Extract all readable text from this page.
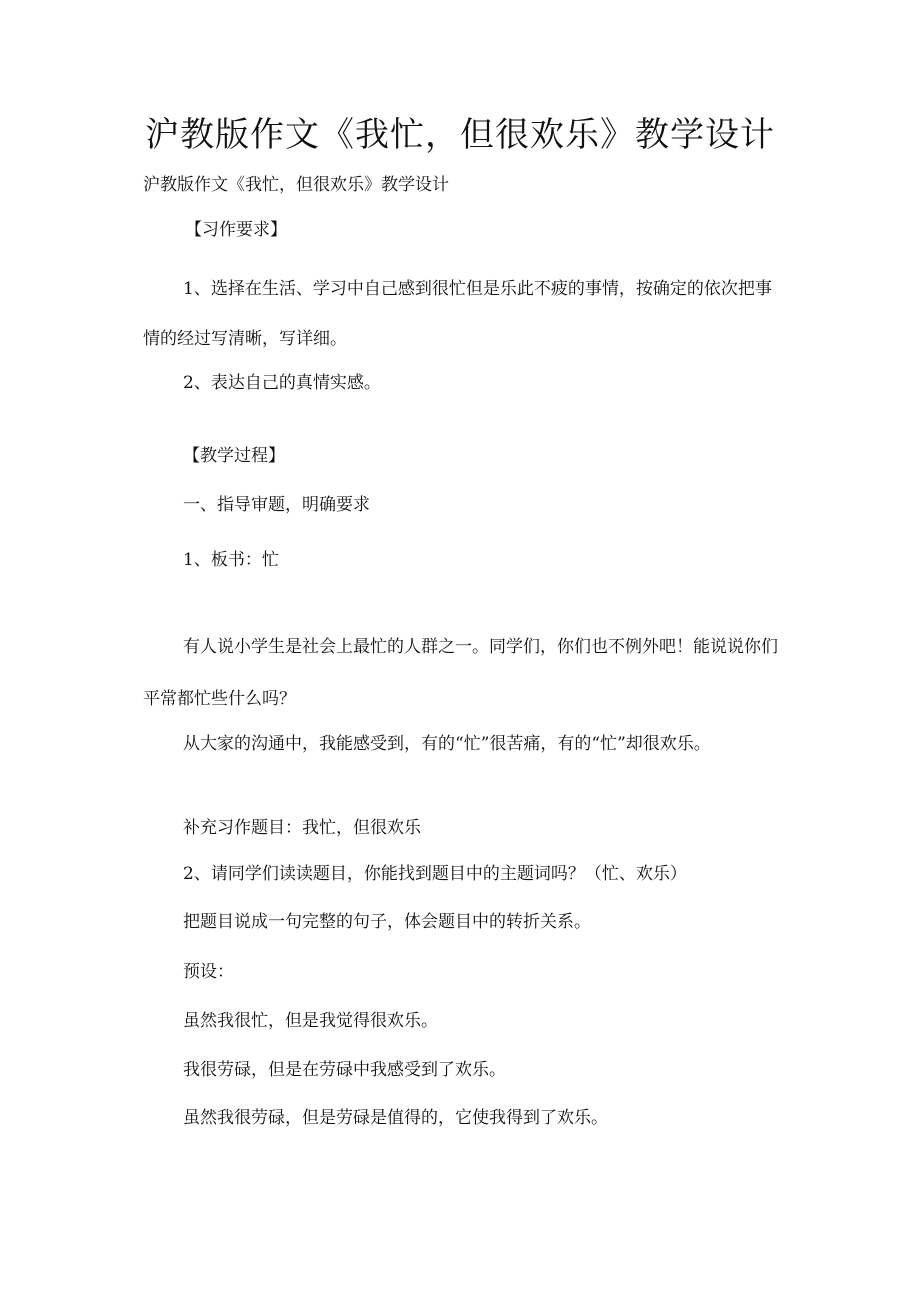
沪教版作文《我忙，但很欢乐》教学设计
沪教版作文《我忙，但很欢乐》教学设计
【习作要求】

1、选择在生活、学习中自己感到很忙但是乐此不疲的事情，按确定的依次把事情的经过写清晰，写详细。

2、表达自己的真情实感。
【教学过程】
一、指导审题，明确要求
1、板书：忙

有人说小学生是社会上最忙的人群之一。同学们，你们也不例外吧！能说说你们平常都忙些什么吗？

从大家的沟通中，我能感受到，有的“忙”很苦痛，有的“忙”却很欢乐。

补充习作题目：我忙，但很欢乐
2、请同学们读读题目，你能找到题目中的主题词吗？（忙、欢乐）
把题目说成一句完整的句子，体会题目中的转折关系。
预设：
虽然我很忙，但是我觉得很欢乐。
我很劳碌，但是在劳碌中我感受到了欢乐。
虽然我很劳碌，但是劳碌是值得的，它使我得到了欢乐。
